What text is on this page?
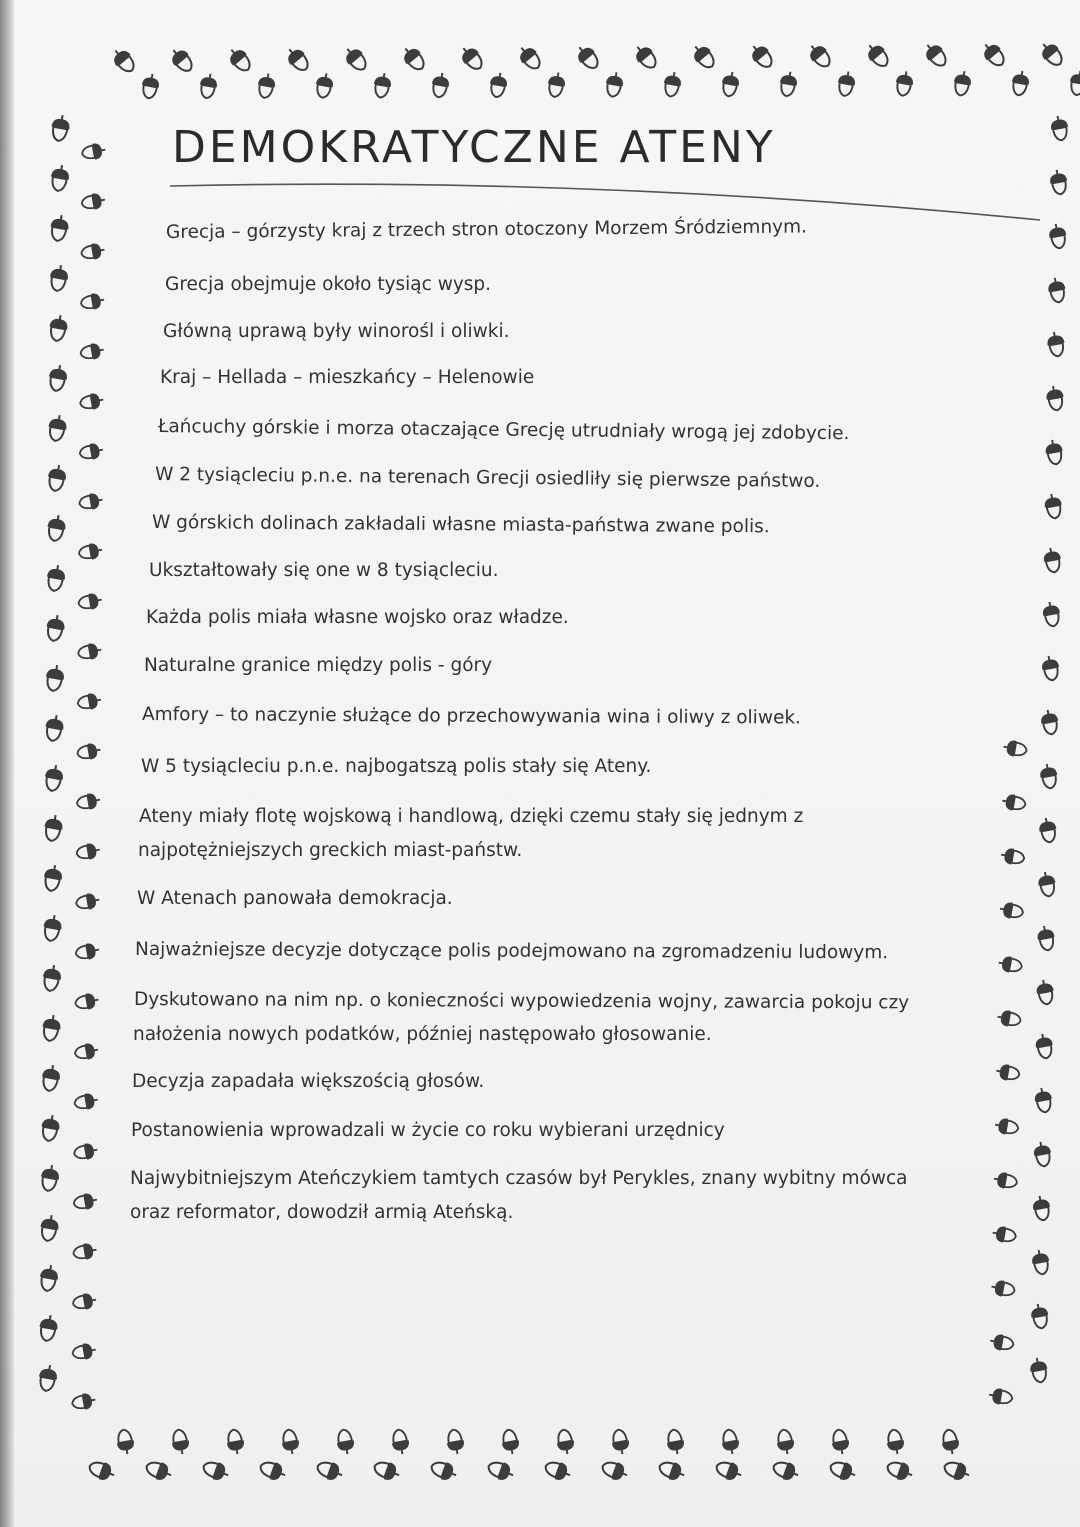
DEMOKRATYCZNE ATENY

Grecja – górzysty kraj z trzech stron otoczony Morzem Śródziemnym.

Grecja obejmuje około tysiąc wysp.

Główną uprawą były winorośl i oliwki.

Kraj – Hellada – mieszkańcy – Helenowie

Łańcuchy górskie i morza otaczające Grecję utrudniały wrogą jej zdobycie.

W 2 tysiącleciu p.n.e. na terenach Grecji osiedliły się pierwsze państwo.

W górskich dolinach zakładali własne miasta-państwa zwane polis.

Ukształtowały się one w 8 tysiącleciu.

Każda polis miała własne wojsko oraz władze.

Naturalne granice między polis - góry

Amfory – to naczynie służące do przechowywania wina i oliwy z oliwek.

W 5 tysiącleciu p.n.e. najbogatszą polis stały się Ateny.

Ateny miały flotę wojskową i handlową, dzięki czemu stały się jednym z

najpotężniejszych greckich miast-państw.

W Atenach panowała demokracja.

Najważniejsze decyzje dotyczące polis podejmowano na zgromadzeniu ludowym.

Dyskutowano na nim np. o konieczności wypowiedzenia wojny, zawarcia pokoju czy

nałożenia nowych podatków, później następowało głosowanie.

Decyzja zapadała większością głosów.

Postanowienia wprowadzali w życie co roku wybierani urzędnicy

Najwybitniejszym Ateńczykiem tamtych czasów był Perykles, znany wybitny mówca

oraz reformator, dowodził armią Ateńską.
